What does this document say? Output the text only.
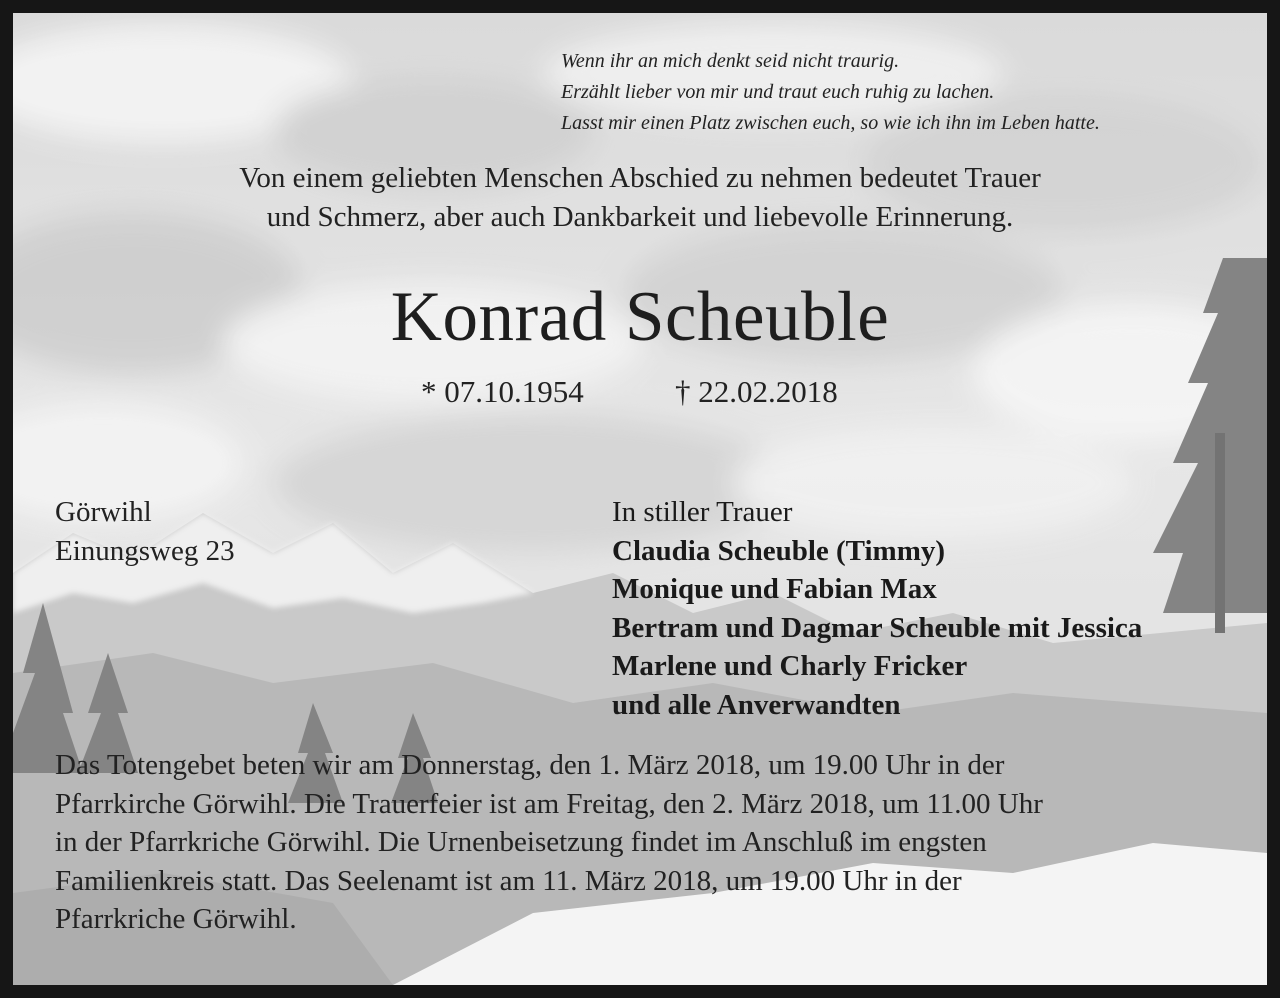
Wenn ihr an mich denkt seid nicht traurig.
Erzählt lieber von mir und traut euch ruhig zu lachen.
Lasst mir einen Platz zwischen euch, so wie ich ihn im Leben hatte.
Von einem geliebten Menschen Abschied zu nehmen bedeutet Trauer
und Schmerz, aber auch Dankbarkeit und liebevolle Erinnerung.
Konrad Scheuble
* 07.10.1954	† 22.02.2018
Görwihl
Einungsweg 23
In stiller Trauer
Claudia Scheuble (Timmy)
Monique und Fabian Max
Bertram und Dagmar Scheuble mit Jessica
Marlene und Charly Fricker
und alle Anverwandten
Das Totengebet beten wir am Donnerstag, den 1. März 2018, um 19.00 Uhr in der
Pfarrkirche Görwihl. Die Trauerfeier ist am Freitag, den 2. März 2018, um 11.00 Uhr
in der Pfarrkriche Görwihl. Die Urnenbeisetzung findet im Anschluß im engsten
Familienkreis statt. Das Seelenamt ist am 11. März 2018, um 19.00 Uhr in der
Pfarrkriche Görwihl.
